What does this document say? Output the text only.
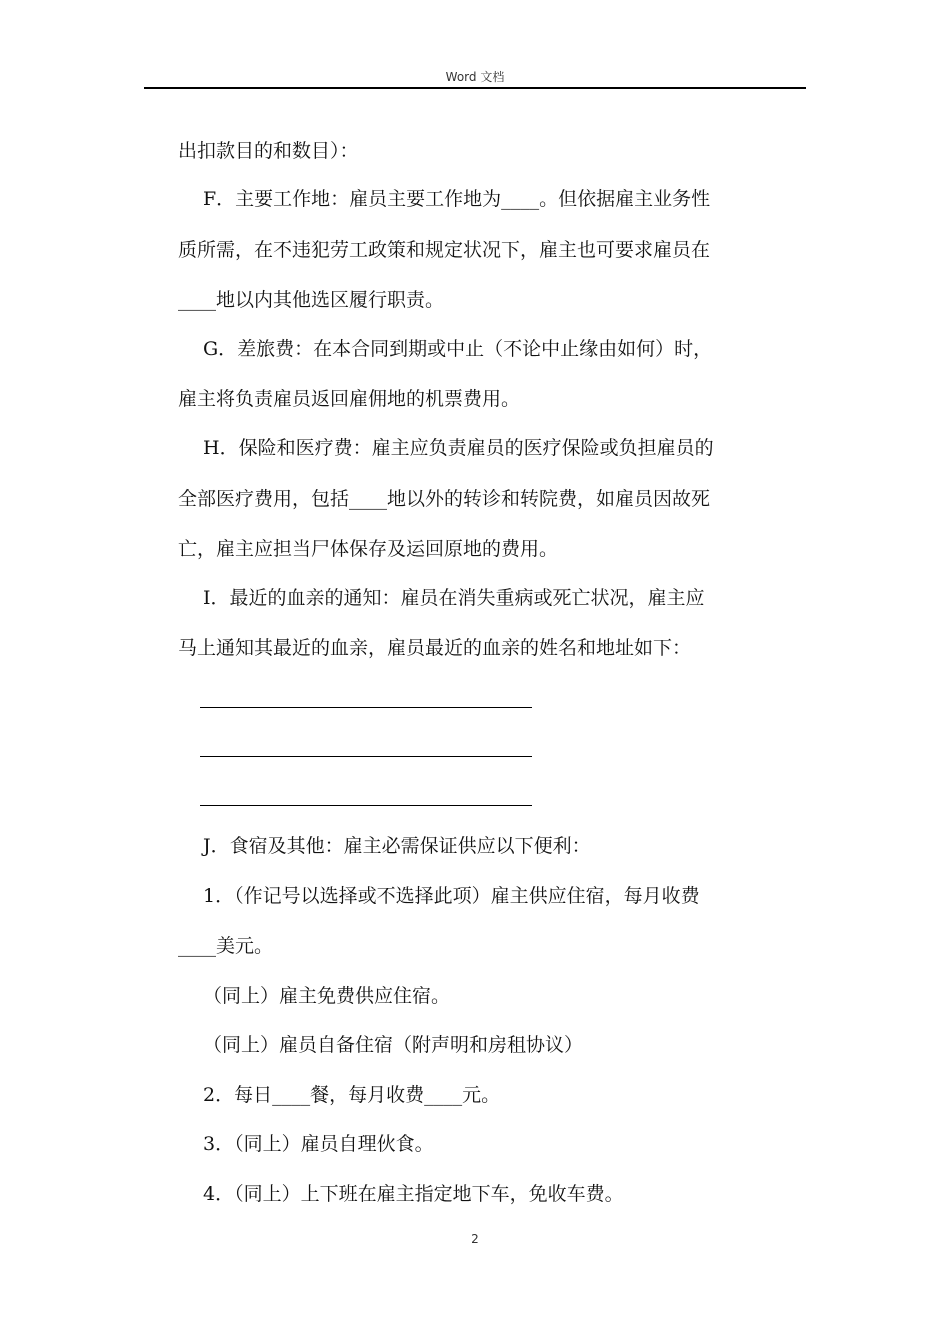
Word 文档
出扣款目的和数目）：
F．主要工作地：雇员主要工作地为____。但依据雇主业务性
质所需，在不违犯劳工政策和规定状况下，雇主也可要求雇员在
____地以内其他选区履行职责。
G．差旅费：在本合同到期或中止（不论中止缘由如何）时，
雇主将负责雇员返回雇佣地的机票费用。
H．保险和医疗费：雇主应负责雇员的医疗保险或负担雇员的
全部医疗费用，包括____地以外的转诊和转院费，如雇员因故死
亡，雇主应担当尸体保存及运回原地的费用。
I．最近的血亲的通知：雇员在消失重病或死亡状况，雇主应
马上通知其最近的血亲，雇员最近的血亲的姓名和地址如下：
J．食宿及其他：雇主必需保证供应以下便利：
1．（作记号以选择或不选择此项）雇主供应住宿，每月收费
____美元。
（同上）雇主免费供应住宿。
（同上）雇员自备住宿（附声明和房租协议）
2．每日____餐，每月收费____元。
3．（同上）雇员自理伙食。
4．（同上）上下班在雇主指定地下车，免收车费。
2
